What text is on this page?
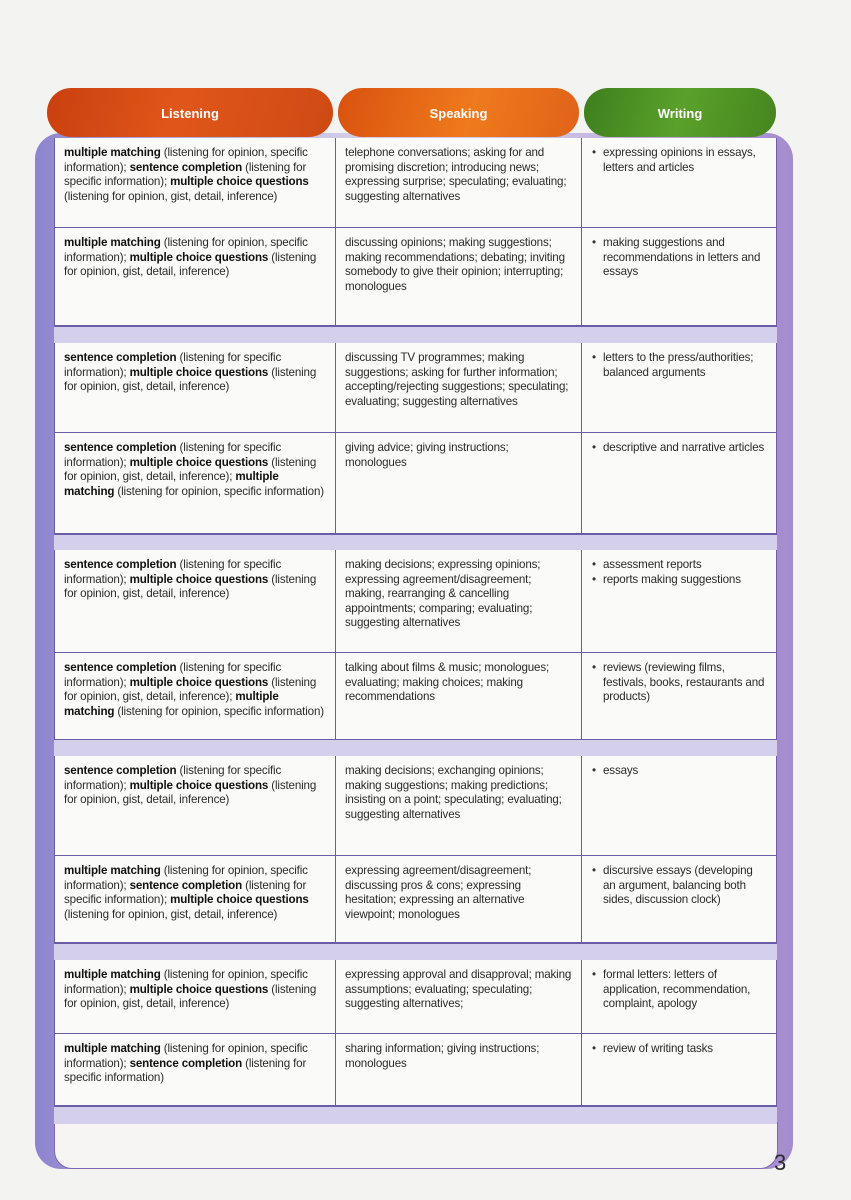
Listening	Speaking	Writing
multiple matching (listening for opinion, specific information); sentence completion (listening for specific information); multiple choice questions (listening for opinion, gist, detail, inference)
telephone conversations; asking for and promising discretion; introducing news; expressing surprise; speculating; evaluating; suggesting alternatives
• expressing opinions in essays, letters and articles
multiple matching (listening for opinion, specific information); multiple choice questions (listening for opinion, gist, detail, inference)
discussing opinions; making suggestions; making recommendations; debating; inviting somebody to give their opinion; interrupting; monologues
• making suggestions and recommendations in letters and essays
sentence completion (listening for specific information); multiple choice questions (listening for opinion, gist, detail, inference)
discussing TV programmes; making suggestions; asking for further information; accepting/rejecting suggestions; speculating; evaluating; suggesting alternatives
• letters to the press/authorities; balanced arguments
sentence completion (listening for specific information); multiple choice questions (listening for opinion, gist, detail, inference); multiple matching (listening for opinion, specific information)
giving advice; giving instructions; monologues
• descriptive and narrative articles
sentence completion (listening for specific information); multiple choice questions (listening for opinion, gist, detail, inference)
making decisions; expressing opinions; expressing agreement/disagreement; making, rearranging & cancelling appointments; comparing; evaluating; suggesting alternatives
• assessment reports
• reports making suggestions
sentence completion (listening for specific information); multiple choice questions (listening for opinion, gist, detail, inference); multiple matching (listening for opinion, specific information)
talking about films & music; monologues; evaluating; making choices; making recommendations
• reviews (reviewing films, festivals, books, restaurants and products)
sentence completion (listening for specific information); multiple choice questions (listening for opinion, gist, detail, inference)
making decisions; exchanging opinions; making suggestions; making predictions; insisting on a point; speculating; evaluating; suggesting alternatives
• essays
multiple matching (listening for opinion, specific information); sentence completion (listening for specific information); multiple choice questions (listening for opinion, gist, detail, inference)
expressing agreement/disagreement; discussing pros & cons; expressing hesitation; expressing an alternative viewpoint; monologues
• discursive essays (developing an argument, balancing both sides, discussion clock)
multiple matching (listening for opinion, specific information); multiple choice questions (listening for opinion, gist, detail, inference)
expressing approval and disapproval; making assumptions; evaluating; speculating; suggesting alternatives;
• formal letters: letters of application, recommendation, complaint, apology
multiple matching (listening for opinion, specific information); sentence completion (listening for specific information)
sharing information; giving instructions; monologues
• review of writing tasks
3
